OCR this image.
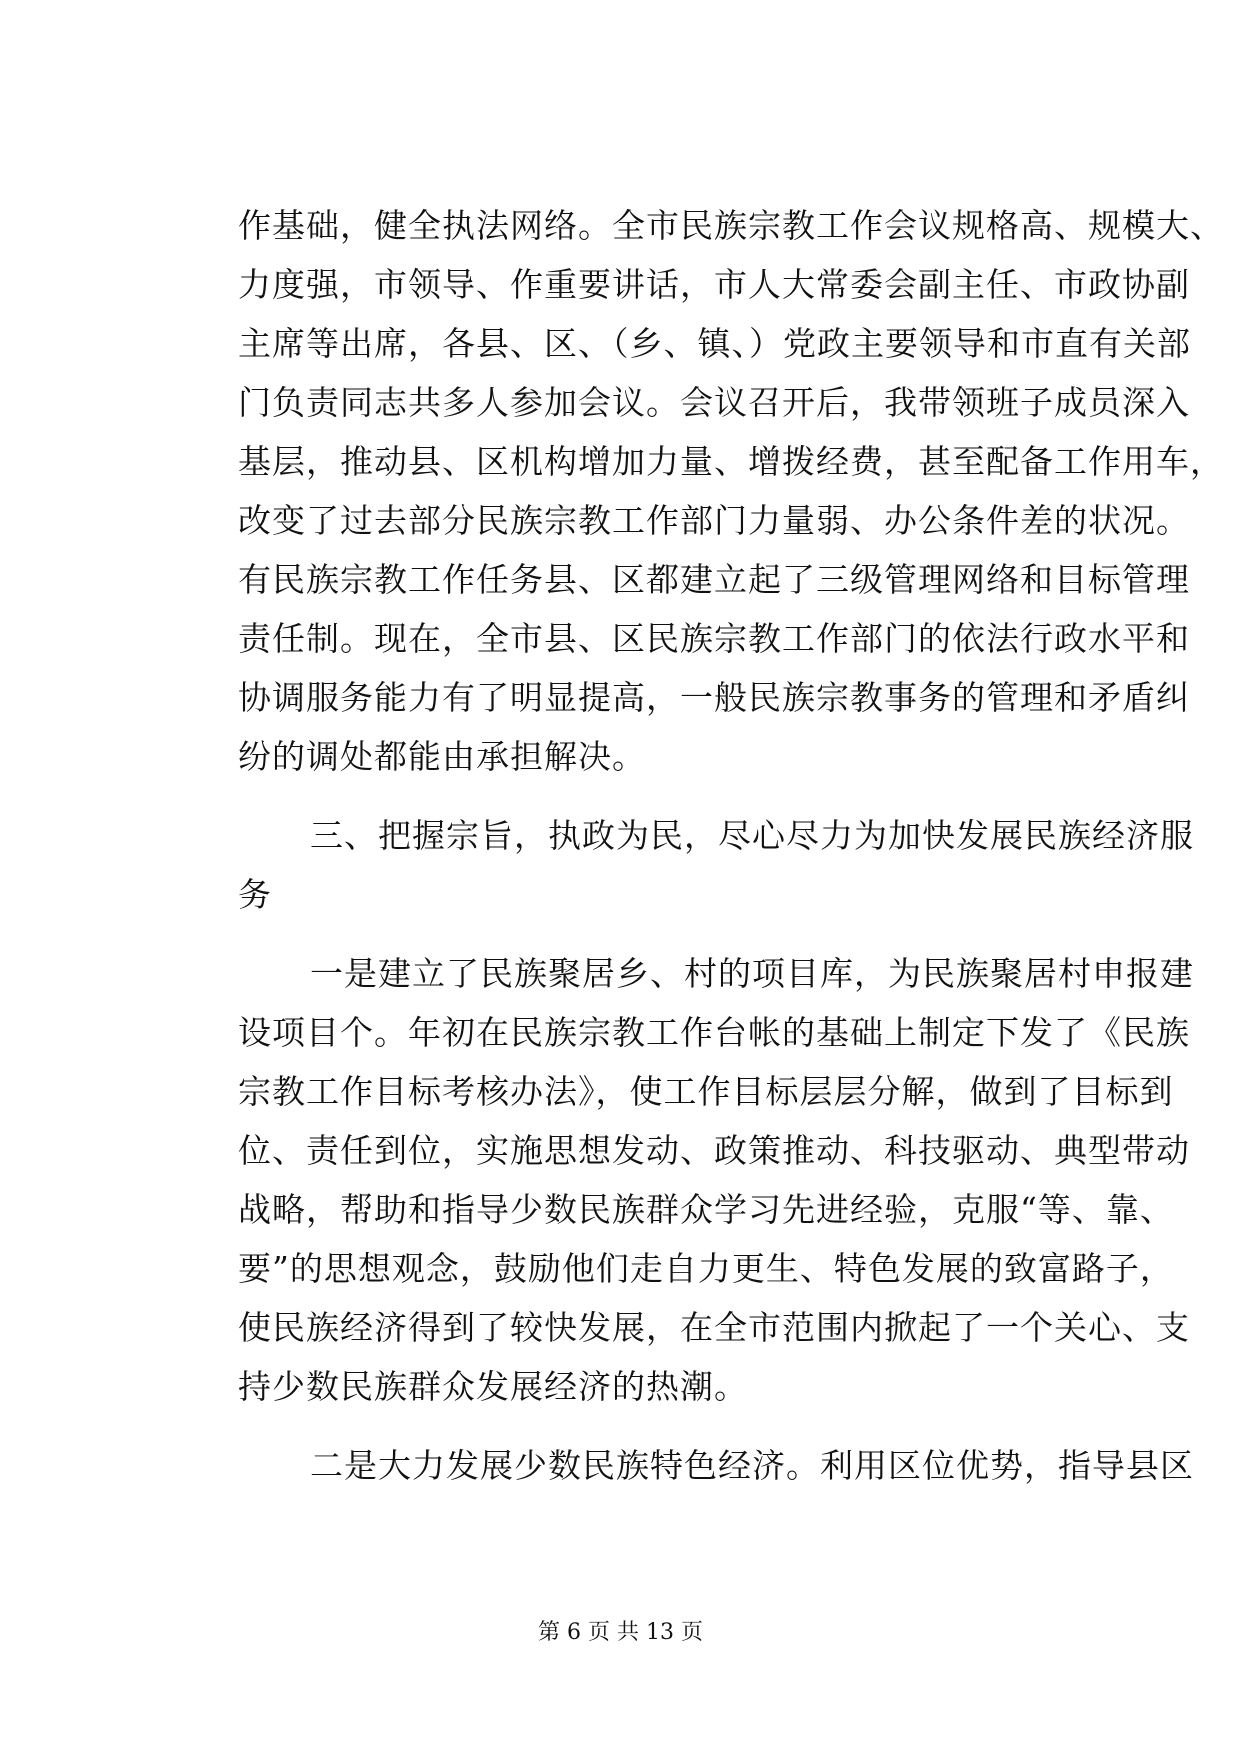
作基础，健全执法网络。全市民族宗教工作会议规格高、规模大、
力度强，市领导、作重要讲话，市人大常委会副主任、市政协副
主席等出席，各县、区、（乡、镇、）党政主要领导和市直有关部
门负责同志共多人参加会议。会议召开后，我带领班子成员深入
基层，推动县、区机构增加力量、增拨经费，甚至配备工作用车，
改变了过去部分民族宗教工作部门力量弱、办公条件差的状况。
有民族宗教工作任务县、区都建立起了三级管理网络和目标管理
责任制。现在，全市县、区民族宗教工作部门的依法行政水平和
协调服务能力有了明显提高，一般民族宗教事务的管理和矛盾纠
纷的调处都能由承担解决。
三、把握宗旨，执政为民，尽心尽力为加快发展民族经济服
务
一是建立了民族聚居乡、村的项目库，为民族聚居村申报建
设项目个。年初在民族宗教工作台帐的基础上制定下发了《民族
宗教工作目标考核办法》，使工作目标层层分解，做到了目标到
位、责任到位，实施思想发动、政策推动、科技驱动、典型带动
战略，帮助和指导少数民族群众学习先进经验，克服“等、靠、
要”的思想观念，鼓励他们走自力更生、特色发展的致富路子，
使民族经济得到了较快发展，在全市范围内掀起了一个关心、支
持少数民族群众发展经济的热潮。
二是大力发展少数民族特色经济。利用区位优势，指导县区
第 6 页 共 13 页
